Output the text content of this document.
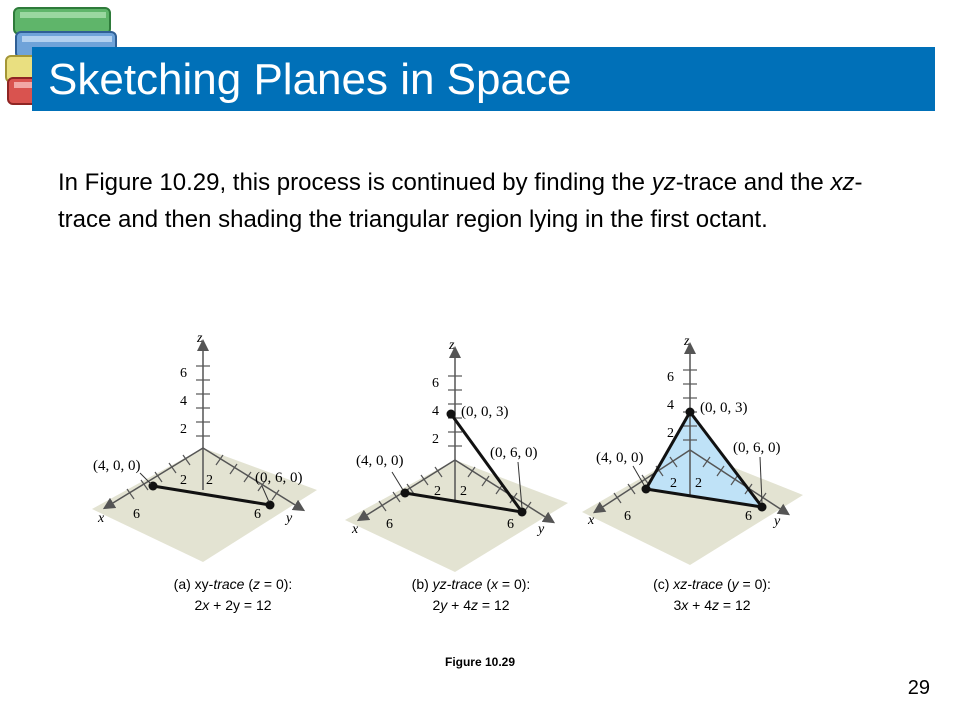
Sketching Planes in Space
In Figure 10.29, this process is continued by finding the yz-trace and the xz-trace and then shading the triangular region lying in the first octant.
z
x	y
2
4
6
2
6
2
6
(4, 0, 0)
(0, 6, 0)
z
x	y
2
4
6
2
6
2
6
(4, 0, 0)	(0, 6, 0)
(0, 0, 3)
z
x	y
2
4
6
2
6
2
6
(4, 0, 0)
(0, 6, 0)
(0, 0, 3)
(a) xy-trace (z = 0):
2x + 2y = 12
(b) yz-trace (x = 0):
2y + 4z = 12
(c) xz-trace (y = 0):
3x + 4z = 12
Figure 10.29
29
